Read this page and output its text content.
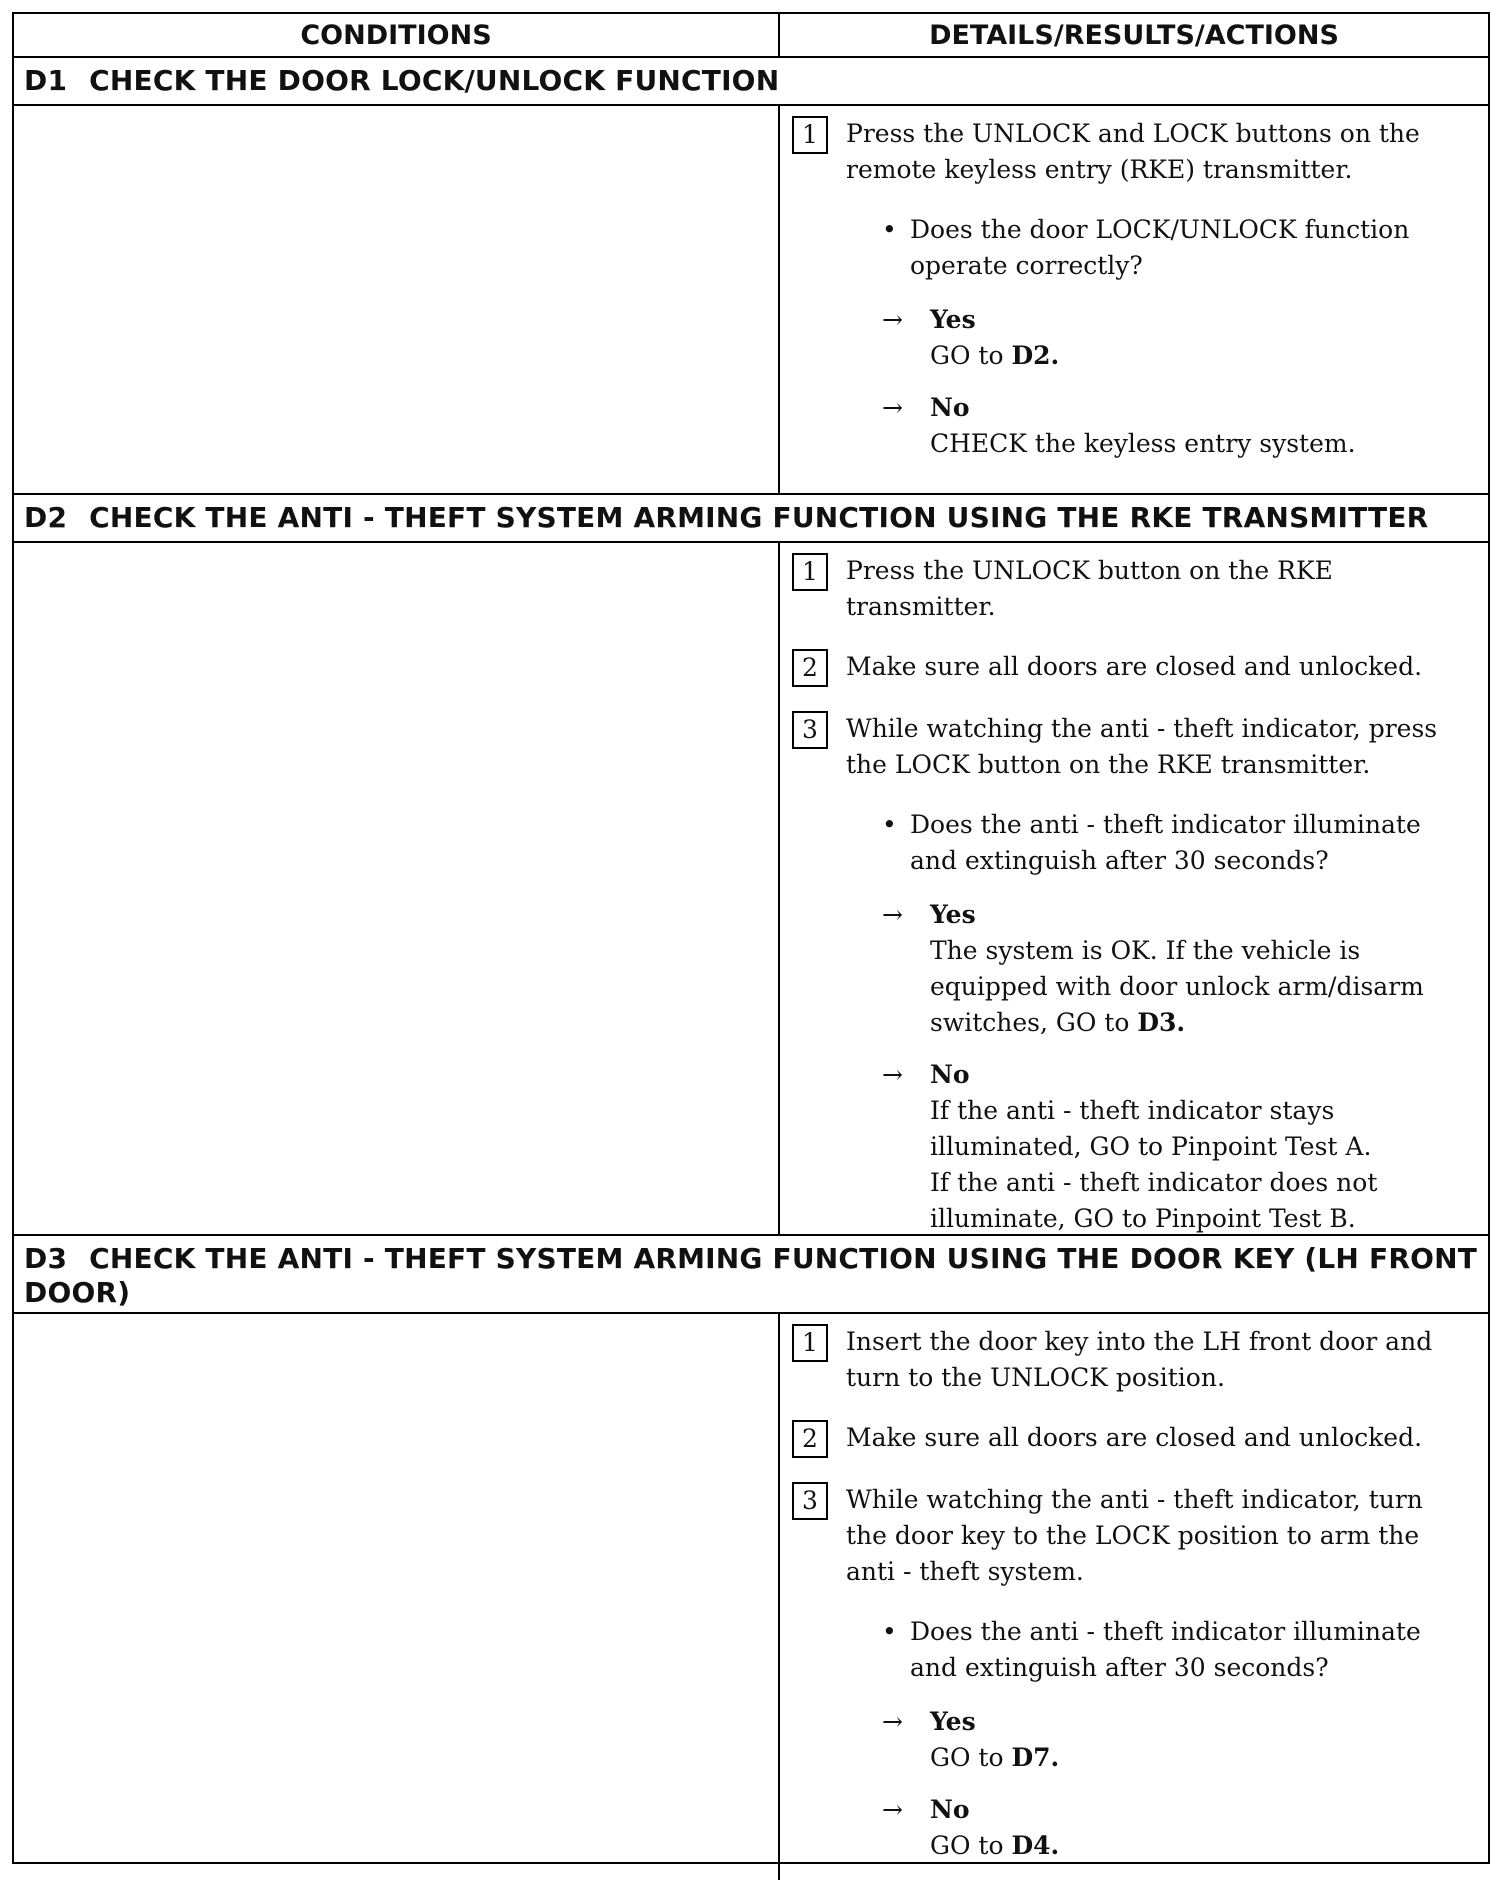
CONDITIONS	DETAILS/RESULTS/ACTIONS
D1 CHECK THE DOOR LOCK/UNLOCK FUNCTION
1	Press the UNLOCK and LOCK buttons on the remote keyless entry (RKE) transmitter.
• Does the door LOCK/UNLOCK function operate correctly?
→	Yes
GO to D2.
→	No
CHECK the keyless entry system.
D2 CHECK THE ANTI - THEFT SYSTEM ARMING FUNCTION USING THE RKE TRANSMITTER
1	Press the UNLOCK button on the RKE transmitter.
2	Make sure all doors are closed and unlocked.
3	While watching the anti - theft indicator, press the LOCK button on the RKE transmitter.
• Does the anti - theft indicator illuminate and extinguish after 30 seconds?
→	Yes
The system is OK. If the vehicle is equipped with door unlock arm/disarm switches, GO to D3.
→	No
If the anti - theft indicator stays illuminated, GO to Pinpoint Test A.
If the anti - theft indicator does not illuminate, GO to Pinpoint Test B.
D3 CHECK THE ANTI - THEFT SYSTEM ARMING FUNCTION USING THE DOOR KEY (LH FRONT DOOR)
1	Insert the door key into the LH front door and turn to the UNLOCK position.
2	Make sure all doors are closed and unlocked.
3	While watching the anti - theft indicator, turn the door key to the LOCK position to arm the anti - theft system.
• Does the anti - theft indicator illuminate and extinguish after 30 seconds?
→	Yes
GO to D7.
→	No
GO to D4.
